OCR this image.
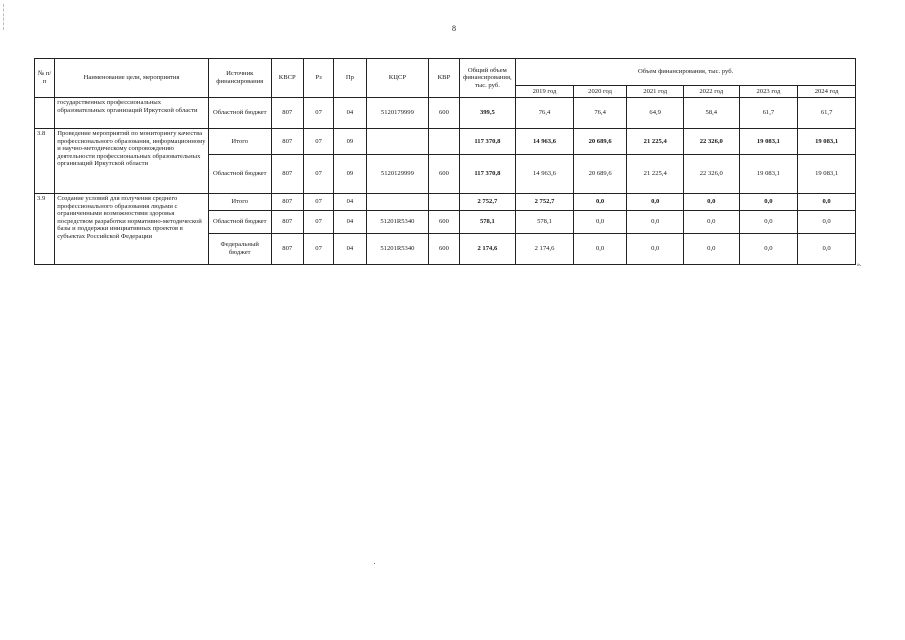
8
№ п/п	Наименование цели, мероприятия	Источник финансирования	КВСР	Рз	Пр	КЦСР	КВР	Общий объем финансирования, тыс. руб.	Объем финансирования, тыс. руб.					
									2019 год	2020 год	2021 год	2022 год	2023 год	2024 год
	государственных профессиональных образовательных организаций Иркутской области	Областной бюджет	807	07	04	5120179999	600	399,5	76,4	76,4	64,9	58,4	61,7	61,7
3.8	Проведение мероприятий по мониторингу качества профессионального образования, информационному и научно-методическому сопровождению деятельности профессиональных образовательных организаций Иркутской области	Итого	807	07	09			117 370,8	14 963,6	20 689,6	21 225,4	22 326,0	19 083,1	19 083,1
		Областной бюджет	807	07	09	5120129999	600	117 370,8	14 963,6	20 689,6	21 225,4	22 326,0	19 083,1	19 083,1
3.9	Создание условий для получения среднего профессионального образования людьми с ограниченными возможностями здоровья посредством разработки нормативно-методической базы и поддержки инициативных проектов в субъектах Российской Федерации	Итого	807	07	04			2 752,7	2 752,7	0,0	0,0	0,0	0,0	0,0
		Областной бюджет	807	07	04	51201R5340	600	578,1	578,1	0,0	0,0	0,0	0,0	0,0
		Федеральный бюджет	807	07	04	51201R5340	600	2 174,6	2 174,6	0,0	0,0	0,0	0,0	0,0
».
